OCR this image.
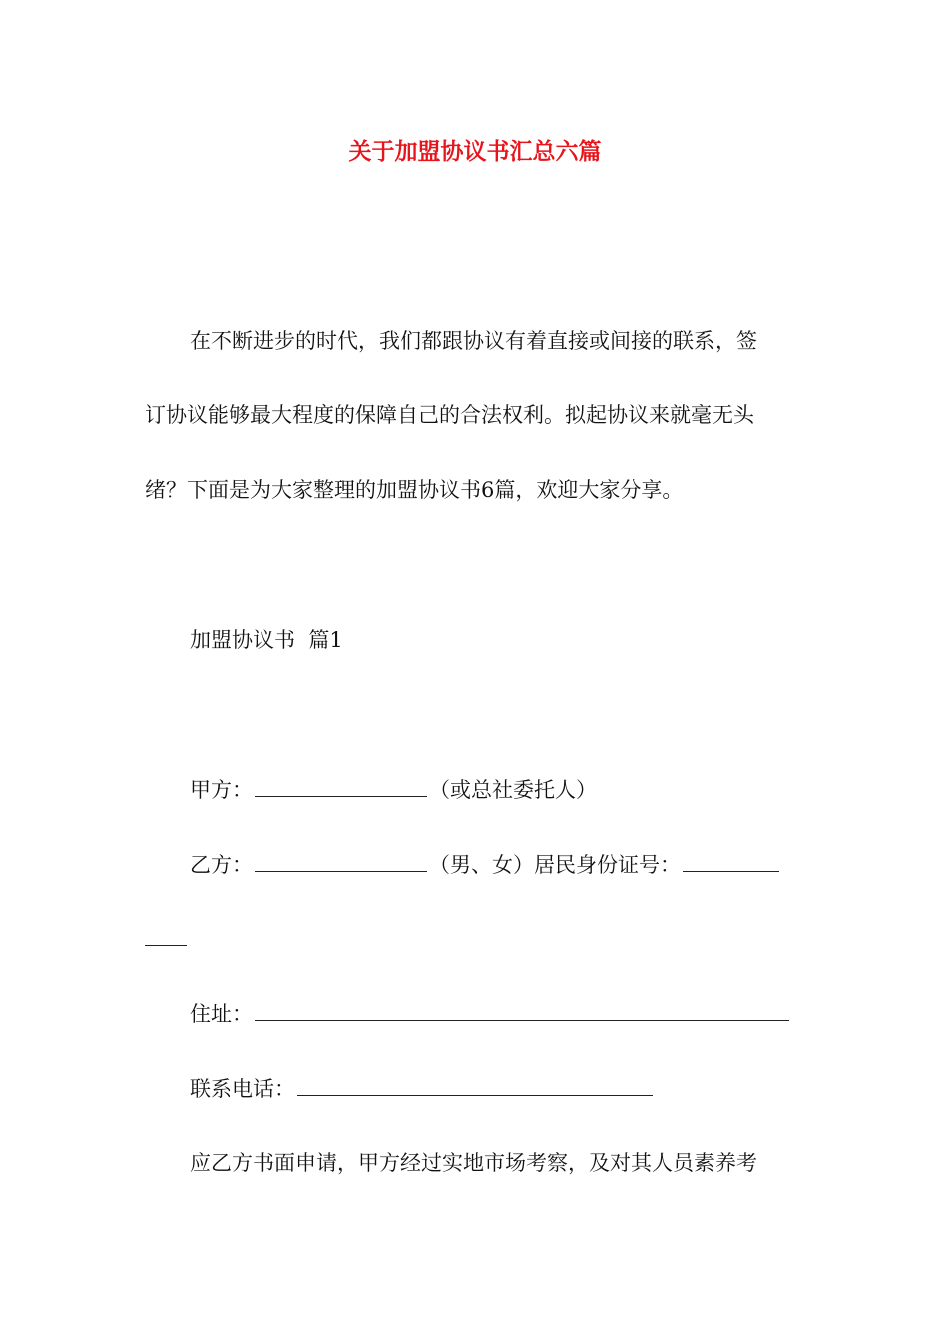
关于加盟协议书汇总六篇
在不断进步的时代，我们都跟协议有着直接或间接的联系，签
订协议能够最大程度的保障自己的合法权利。拟起协议来就毫无头
绪？下面是为大家整理的加盟协议书6篇，欢迎大家分享。
加盟协议书  篇1
甲方：	（或总社委托人）
乙方：	（男、女）居民身份证号：
住址：
联系电话：
应乙方书面申请，甲方经过实地市场考察，及对其人员素养考
